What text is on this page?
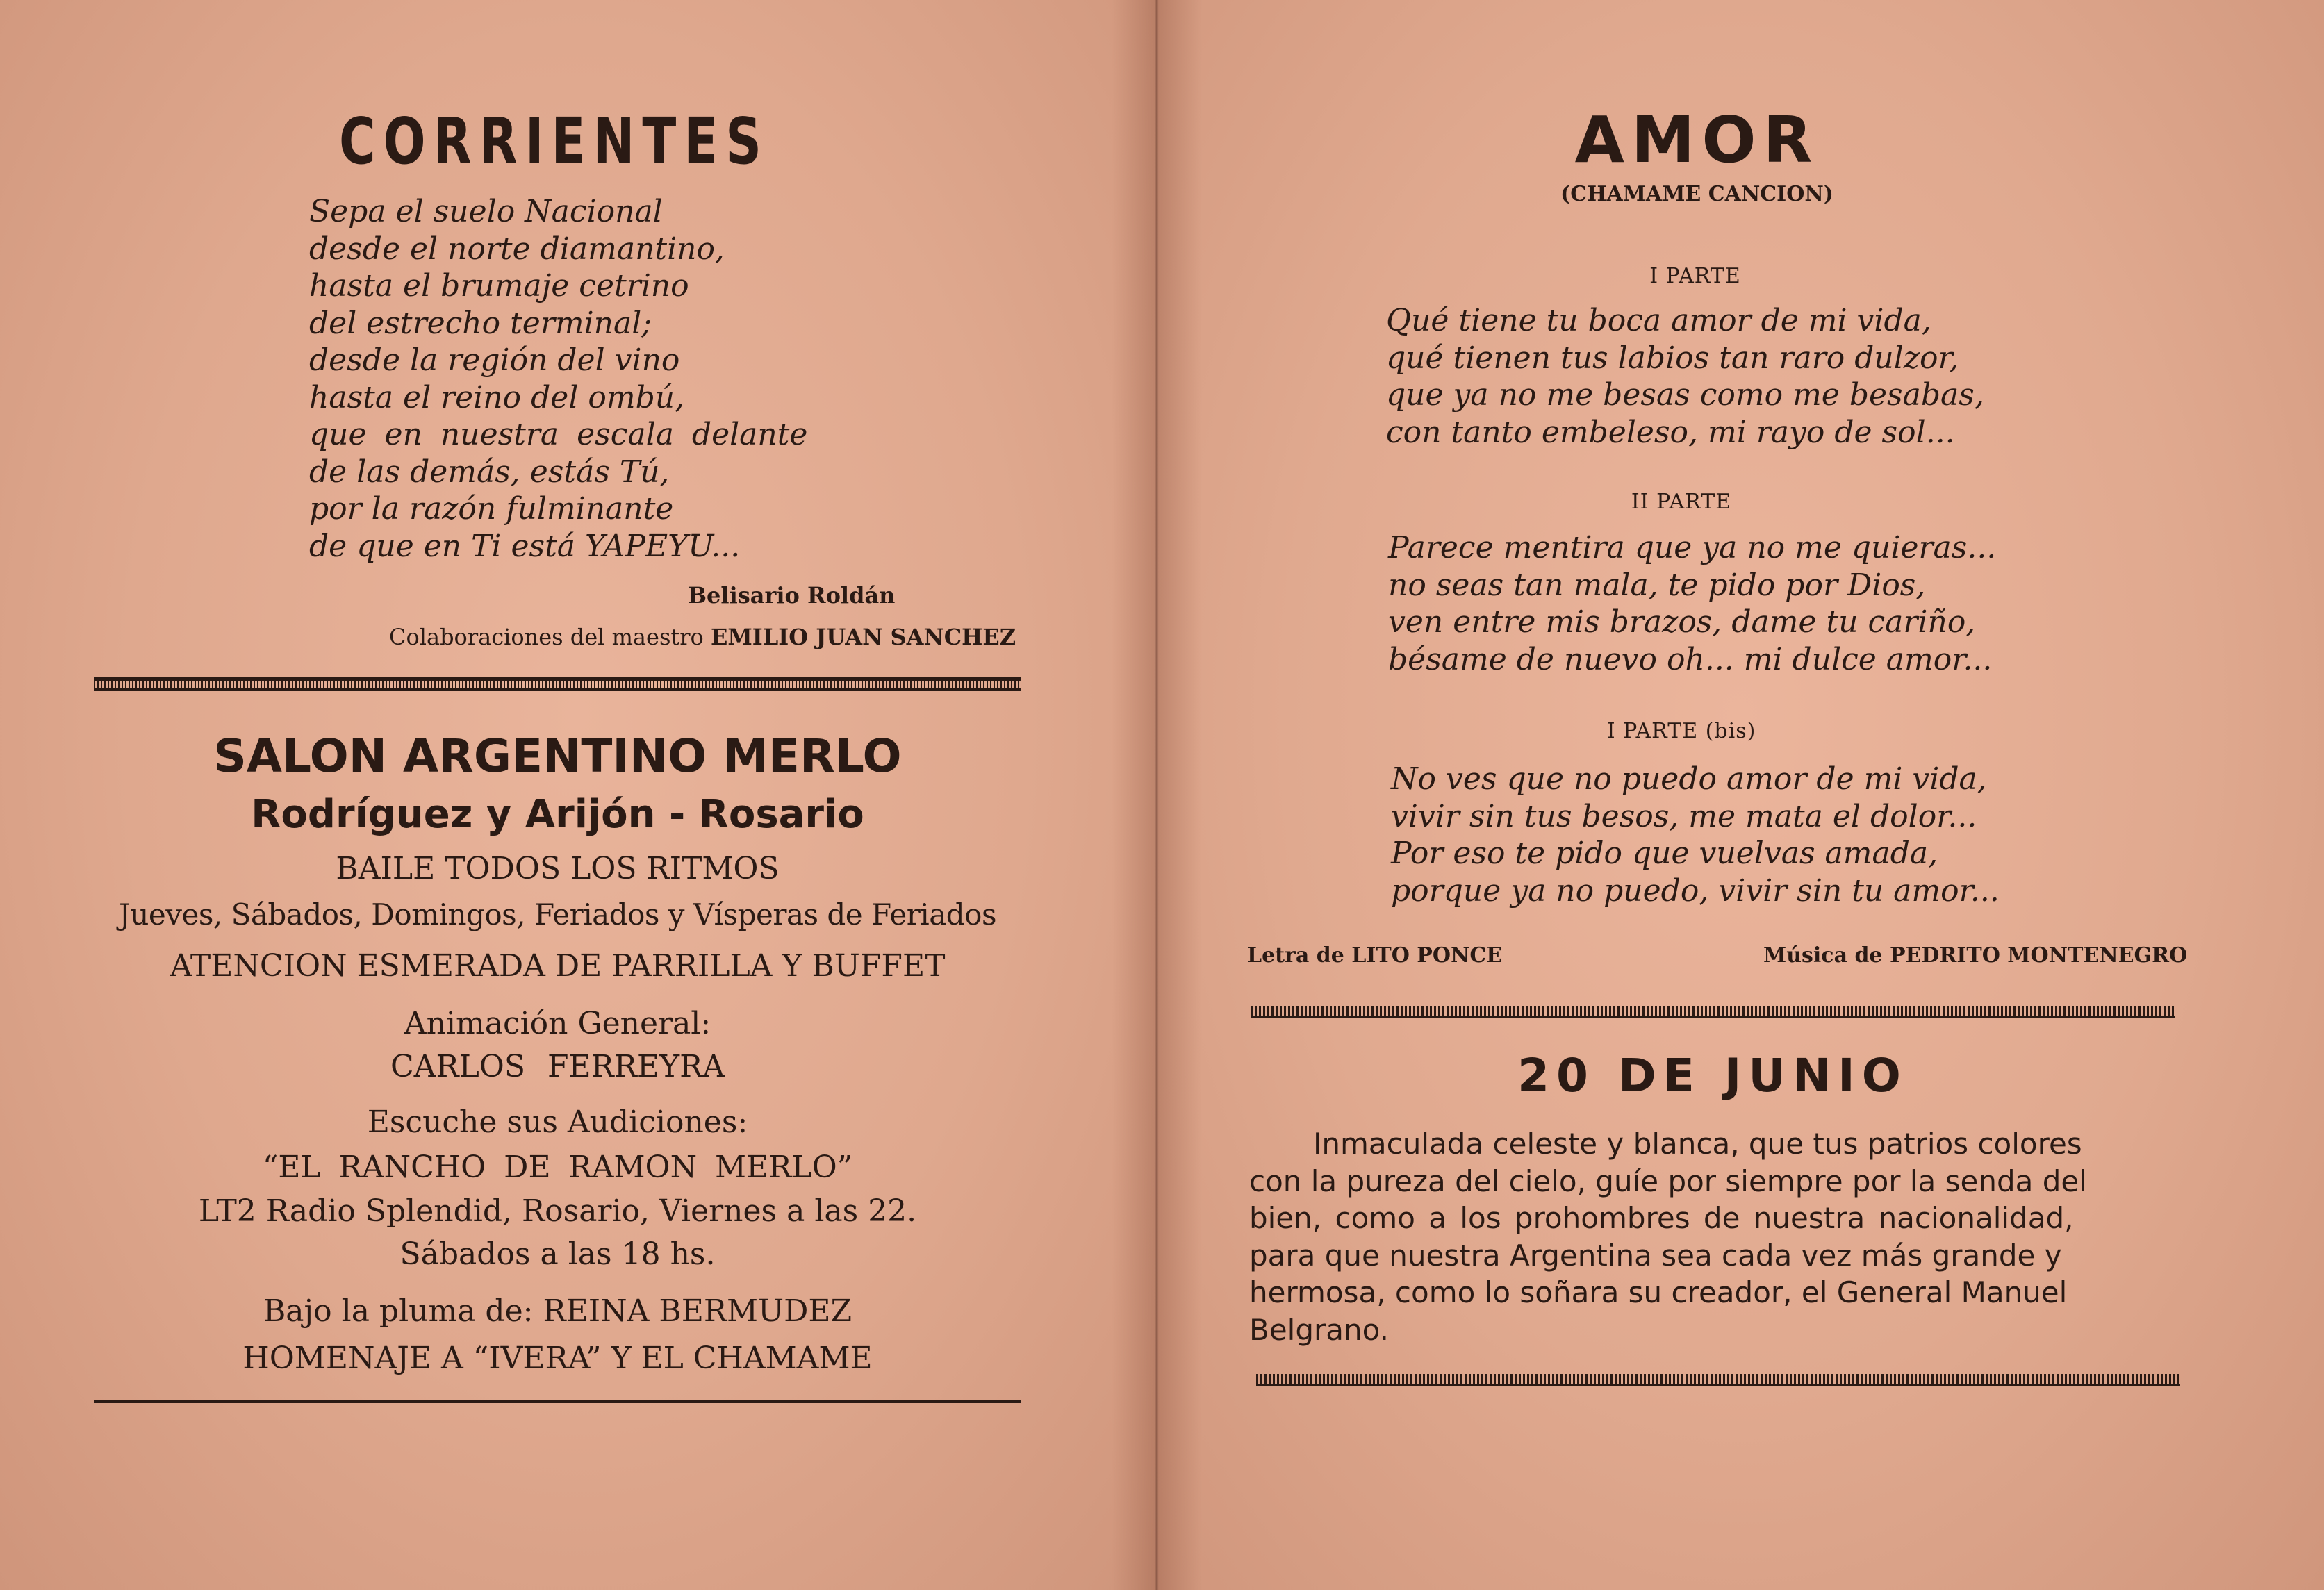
CORRIENTES
Sepa el suelo Nacional
desde el norte diamantino,
hasta el brumaje cetrino
del estrecho terminal;
desde la región del vino
hasta el reino del ombú,
que en nuestra escala delante
de las demás, estás Tú,
por la razón fulminante
de que en Ti está YAPEYU...
Belisario Roldán
Colaboraciones del maestro EMILIO JUAN SANCHEZ
SALON ARGENTINO MERLO
Rodríguez y Arijón - Rosario
BAILE TODOS LOS RITMOS
Jueves, Sábados, Domingos, Feriados y Vísperas de Feriados
ATENCION ESMERADA DE PARRILLA Y BUFFET
Animación General:
CARLOS FERREYRA
Escuche sus Audiciones:
“EL RANCHO DE RAMON MERLO”
LT2 Radio Splendid, Rosario, Viernes a las 22.
Sábados a las 18 hs.
Bajo la pluma de: REINA BERMUDEZ
HOMENAJE A “IVERA” Y EL CHAMAME
AMOR
(CHAMAME CANCION)
I PARTE
Qué tiene tu boca amor de mi vida,
qué tienen tus labios tan raro dulzor,
que ya no me besas como me besabas,
con tanto embeleso, mi rayo de sol...
II PARTE
Parece mentira que ya no me quieras...
no seas tan mala, te pido por Dios,
ven entre mis brazos, dame tu cariño,
bésame de nuevo oh... mi dulce amor...
I PARTE (bis)
No ves que no puedo amor de mi vida,
vivir sin tus besos, me mata el dolor...
Por eso te pido que vuelvas amada,
porque ya no puedo, vivir sin tu amor...
Letra de LITO PONCE	Música de PEDRITO MONTENEGRO
20 DE JUNIO
Inmaculada celeste y blanca, que tus patrios colores
con la pureza del cielo, guíe por siempre por la senda del
bien, como a los prohombres de nuestra nacionalidad,
para que nuestra Argentina sea cada vez más grande y
hermosa, como lo soñara su creador, el General Manuel
Belgrano.
